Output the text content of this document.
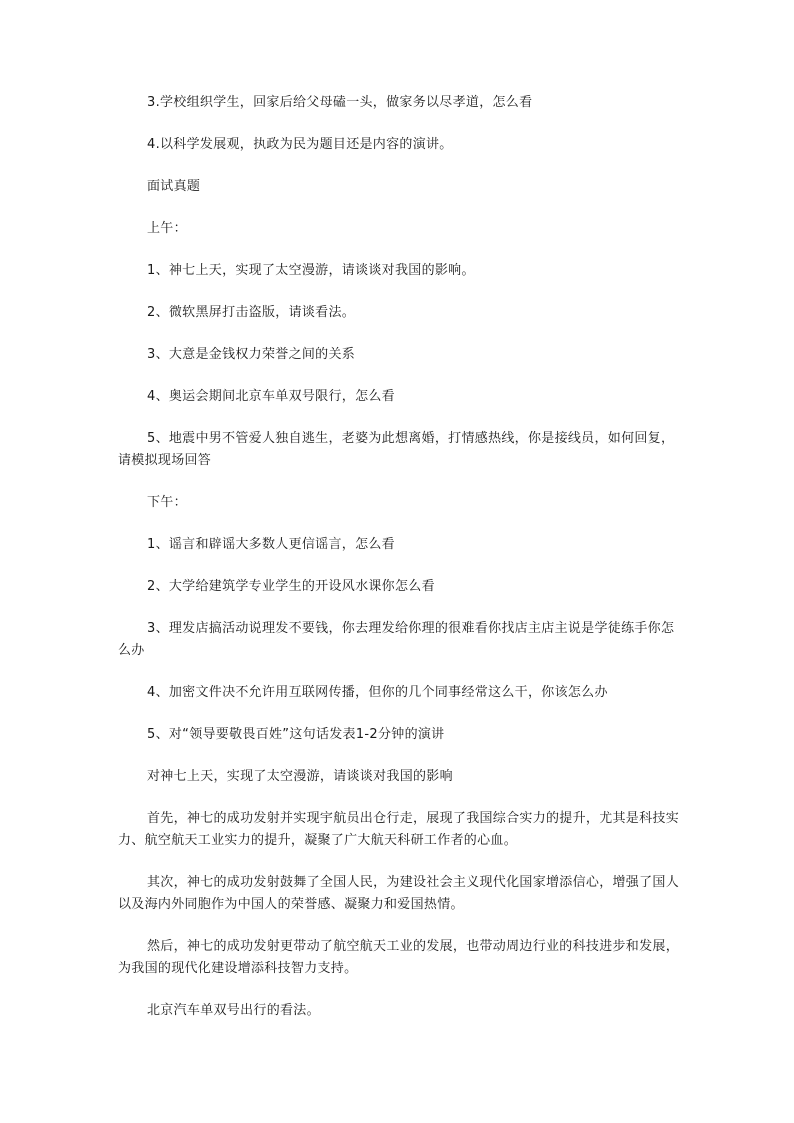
3.学校组织学生，回家后给父母磕一头，做家务以尽孝道，怎么看

4.以科学发展观，执政为民为题目还是内容的演讲。

面试真题

上午：

1、神七上天，实现了太空漫游，请谈谈对我国的影响。

2、微软黑屏打击盗版，请谈看法。

3、大意是金钱权力荣誉之间的关系

4、奥运会期间北京车单双号限行，怎么看

5、地震中男不管爱人独自逃生，老婆为此想离婚，打情感热线，你是接线员，如何回复，请模拟现场回答

下午：

1、谣言和辟谣大多数人更信谣言，怎么看

2、大学给建筑学专业学生的开设风水课你怎么看

3、理发店搞活动说理发不要钱，你去理发给你理的很难看你找店主店主说是学徒练手你怎么办

4、加密文件决不允许用互联网传播，但你的几个同事经常这么干，你该怎么办

5、对“领导要敬畏百姓”这句话发表1-2分钟的演讲

对神七上天，实现了太空漫游，请谈谈对我国的影响

首先，神七的成功发射并实现宇航员出仓行走，展现了我国综合实力的提升，尤其是科技实力、航空航天工业实力的提升，凝聚了广大航天科研工作者的心血。

其次，神七的成功发射鼓舞了全国人民，为建设社会主义现代化国家增添信心，增强了国人以及海内外同胞作为中国人的荣誉感、凝聚力和爱国热情。

然后，神七的成功发射更带动了航空航天工业的发展，也带动周边行业的科技进步和发展，为我国的现代化建设增添科技智力支持。

北京汽车单双号出行的看法。
